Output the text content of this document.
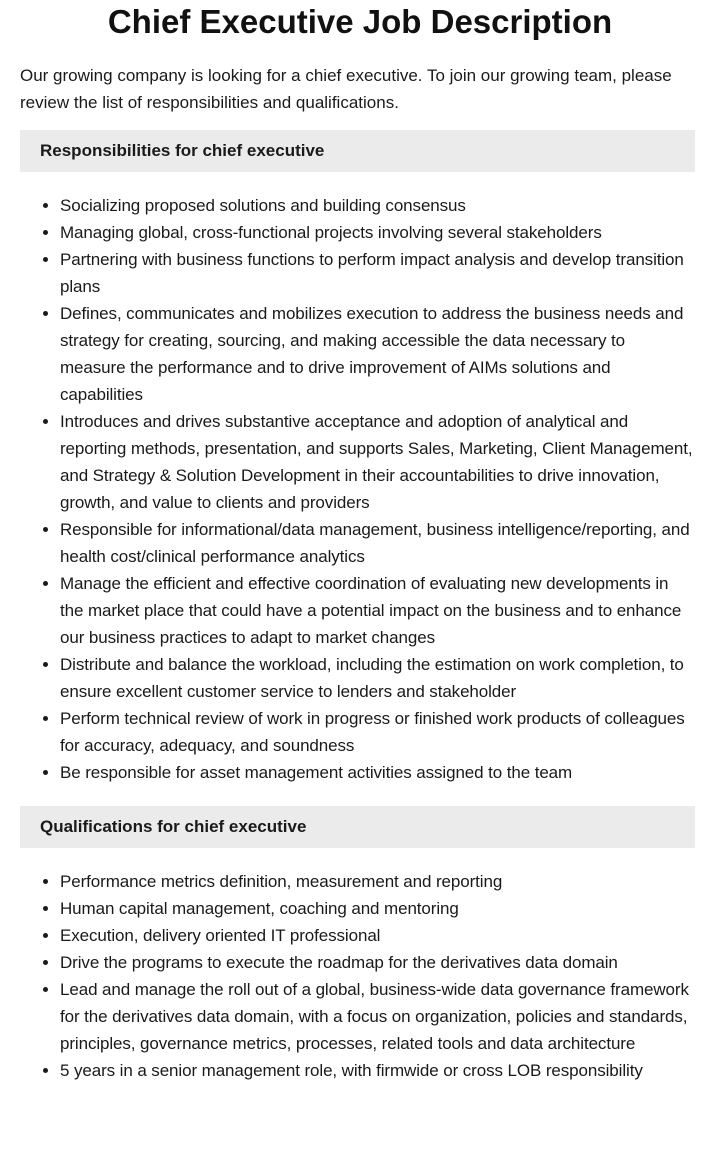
Chief Executive Job Description

Our growing company is looking for a chief executive. To join our growing team, please review the list of responsibilities and qualifications.

Responsibilities for chief executive
• Socializing proposed solutions and building consensus
• Managing global, cross-functional projects involving several stakeholders
• Partnering with business functions to perform impact analysis and develop transition plans
• Defines, communicates and mobilizes execution to address the business needs and strategy for creating, sourcing, and making accessible the data necessary to measure the performance and to drive improvement of AIMs solutions and capabilities
• Introduces and drives substantive acceptance and adoption of analytical and reporting methods, presentation, and supports Sales, Marketing, Client Management, and Strategy & Solution Development in their accountabilities to drive innovation, growth, and value to clients and providers
• Responsible for informational/data management, business intelligence/reporting, and health cost/clinical performance analytics
• Manage the efficient and effective coordination of evaluating new developments in the market place that could have a potential impact on the business and to enhance our business practices to adapt to market changes
• Distribute and balance the workload, including the estimation on work completion, to ensure excellent customer service to lenders and stakeholder
• Perform technical review of work in progress or finished work products of colleagues for accuracy, adequacy, and soundness
• Be responsible for asset management activities assigned to the team
Qualifications for chief executive
• Performance metrics definition, measurement and reporting
• Human capital management, coaching and mentoring
• Execution, delivery oriented IT professional
• Drive the programs to execute the roadmap for the derivatives data domain
• Lead and manage the roll out of a global, business-wide data governance framework for the derivatives data domain, with a focus on organization, policies and standards, principles, governance metrics, processes, related tools and data architecture
• 5 years in a senior management role, with firmwide or cross LOB responsibility
